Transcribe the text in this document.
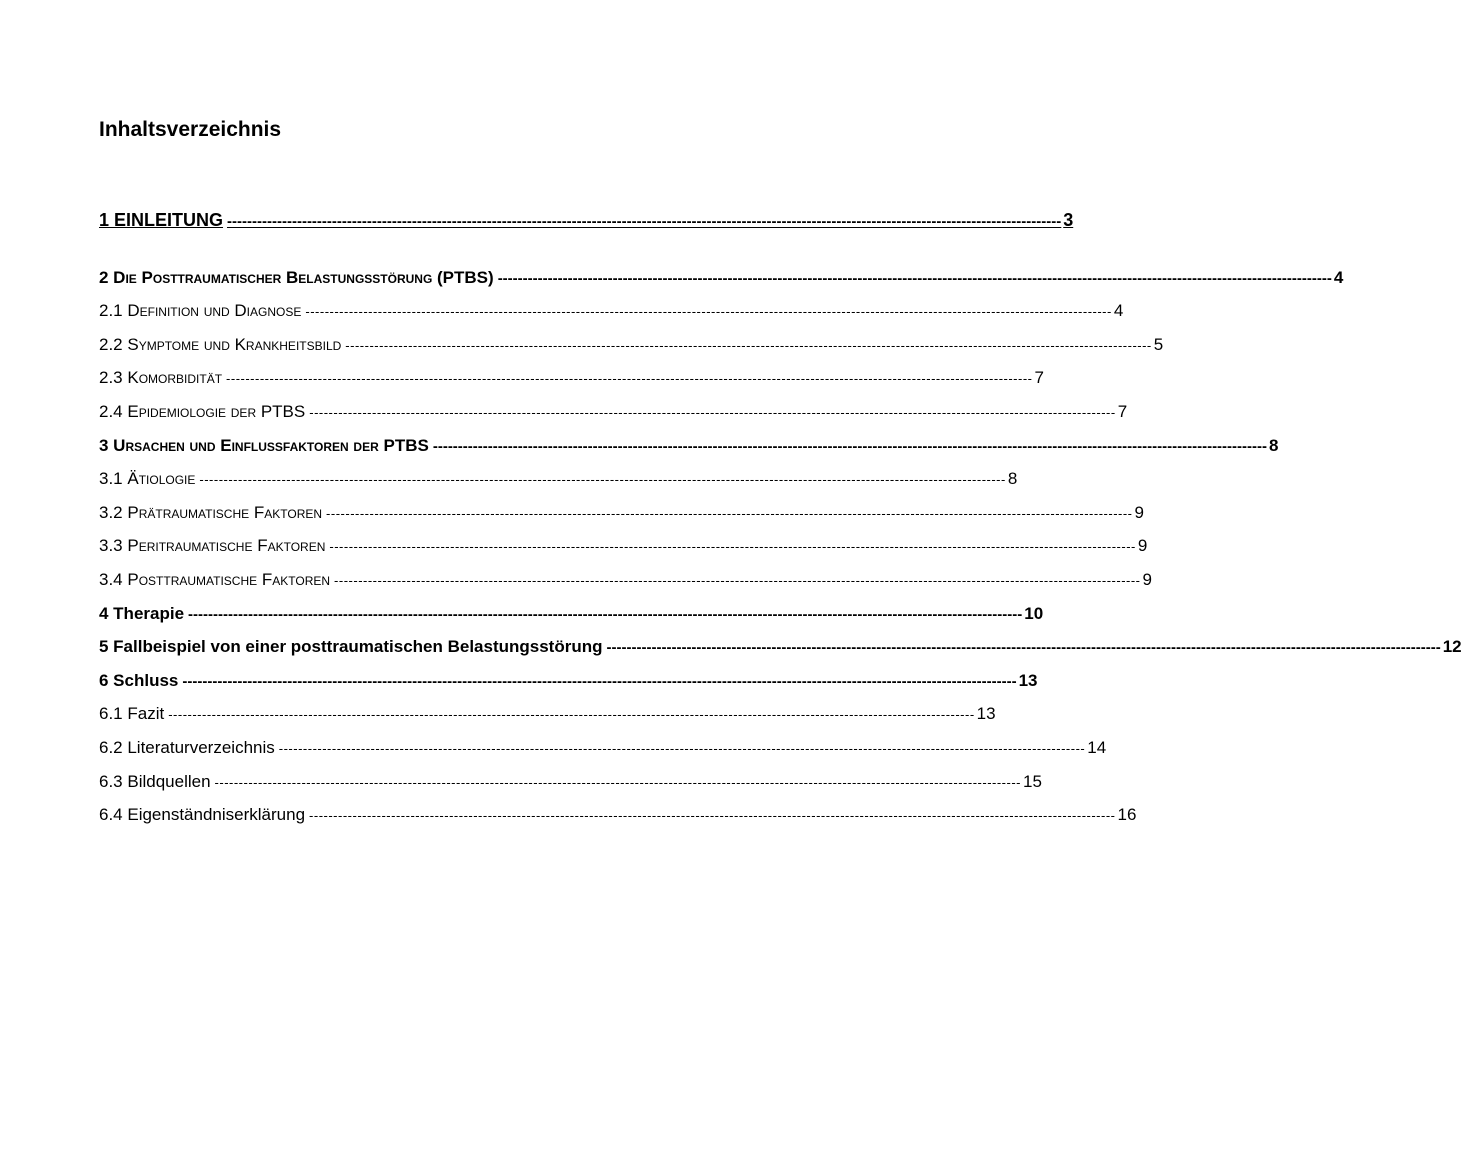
Inhaltsverzeichnis
1 EINLEITUNG ----------------------------------------------------------------------------------------------------------------------------------------------------------------------- 3
2 Die Posttraumatischer Belastungsstörung (PTBS) ----------------------------------------------------------------------------------------------------------------------------------------------------------------------- 4
2.1 Definition und Diagnose ----------------------------------------------------------------------------------------------------------------------------------------------------------------------- 4
2.2 Symptome und Krankheitsbild ----------------------------------------------------------------------------------------------------------------------------------------------------------------------- 5
2.3 Komorbidität ----------------------------------------------------------------------------------------------------------------------------------------------------------------------- 7
2.4 Epidemiologie der PTBS ----------------------------------------------------------------------------------------------------------------------------------------------------------------------- 7
3 Ursachen und Einflussfaktoren der PTBS ----------------------------------------------------------------------------------------------------------------------------------------------------------------------- 8
3.1 Ätiologie ----------------------------------------------------------------------------------------------------------------------------------------------------------------------- 8
3.2 Prätraumatische Faktoren ----------------------------------------------------------------------------------------------------------------------------------------------------------------------- 9
3.3 Peritraumatische Faktoren ----------------------------------------------------------------------------------------------------------------------------------------------------------------------- 9
3.4 Posttraumatische Faktoren ----------------------------------------------------------------------------------------------------------------------------------------------------------------------- 9
4 Therapie ----------------------------------------------------------------------------------------------------------------------------------------------------------------------- 10
5 Fallbeispiel von einer posttraumatischen Belastungsstörung ----------------------------------------------------------------------------------------------------------------------------------------------------------------------- 12
6 Schluss ----------------------------------------------------------------------------------------------------------------------------------------------------------------------- 13
6.1 Fazit ----------------------------------------------------------------------------------------------------------------------------------------------------------------------- 13
6.2 Literaturverzeichnis ----------------------------------------------------------------------------------------------------------------------------------------------------------------------- 14
6.3 Bildquellen ----------------------------------------------------------------------------------------------------------------------------------------------------------------------- 15
6.4 Eigenständniserklärung ----------------------------------------------------------------------------------------------------------------------------------------------------------------------- 16
